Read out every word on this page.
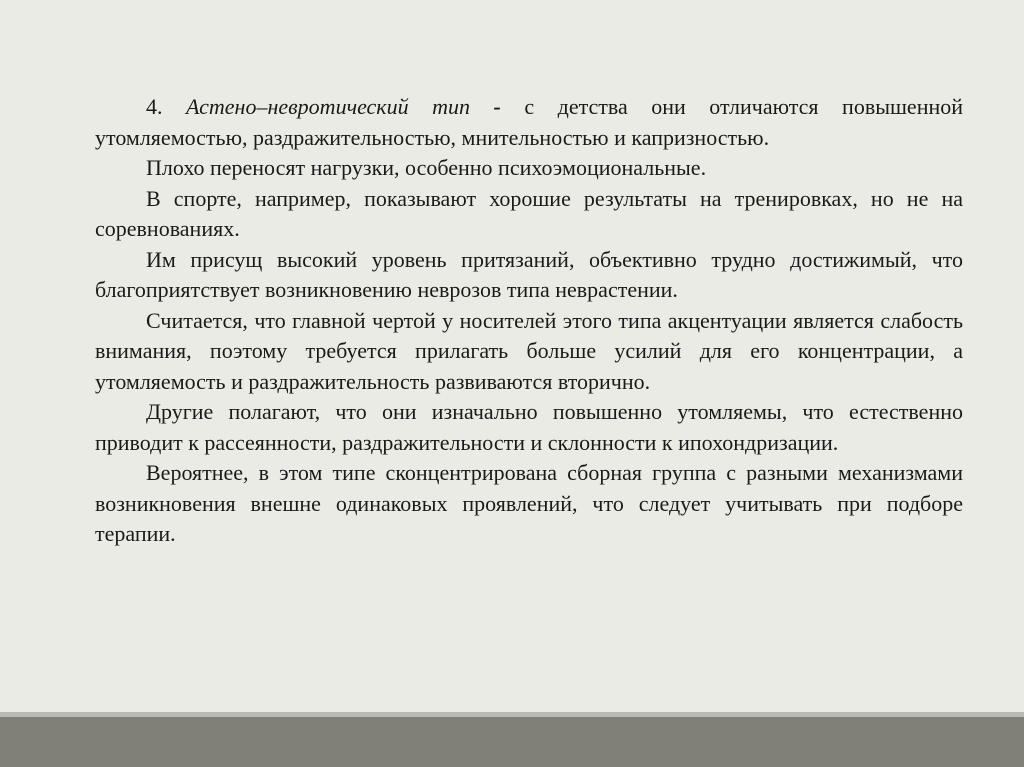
4. Астено–невротический тип - с детства они отличаются повышенной утомляемостью, раздражительностью, мнительностью и капризностью.

Плохо переносят нагрузки, особенно психоэмоциональные.

В спорте, например, показывают хорошие результаты на тренировках, но не на соревнованиях.

Им присущ высокий уровень притязаний, объективно трудно достижимый, что благоприятствует возникновению неврозов типа неврастении.

Считается, что главной чертой у носителей этого типа акцентуации является слабость внимания, поэтому требуется прилагать больше усилий для его концентрации, а утомляемость и раздражительность развиваются вторично.

Другие полагают, что они изначально повышенно утомляемы, что естественно приводит к рассеянности, раздражительности и склонности к ипохондризации.

Вероятнее, в этом типе сконцентрирована сборная группа с разными механизмами возникновения внешне одинаковых проявлений, что следует учитывать при подборе терапии.
